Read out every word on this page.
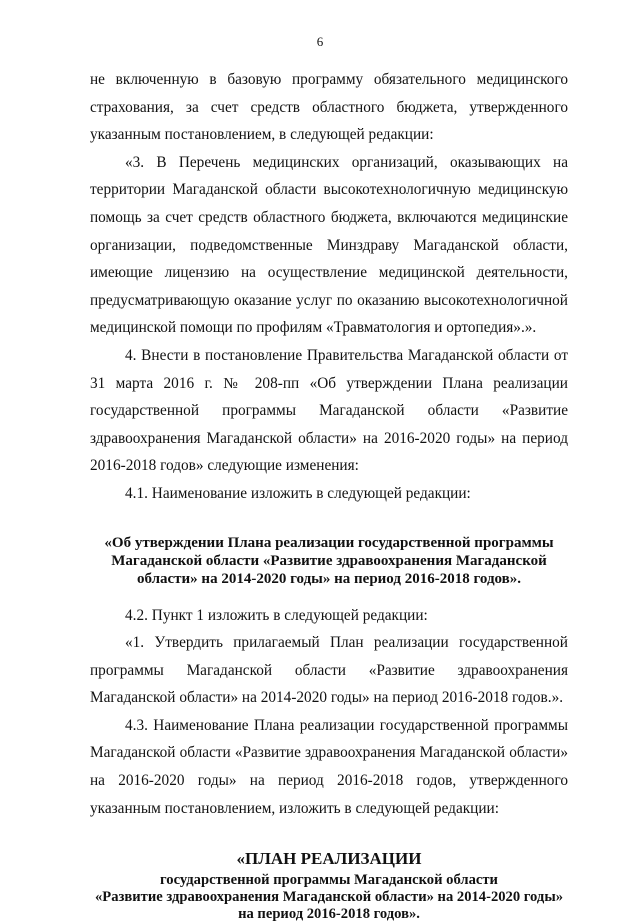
6

не включенную в базовую программу обязательного медицинского страхования, за счет средств областного бюджета, утвержденного указанным постановлением, в следующей редакции:

«3. В Перечень медицинских организаций, оказывающих на территории Магаданской области высокотехнологичную медицинскую помощь за счет средств областного бюджета, включаются медицинские организации, подведомственные Минздраву Магаданской области, имеющие лицензию на осуществление медицинской деятельности, предусматривающую оказание услуг по оказанию высокотехнологичной медицинской помощи по профилям «Травматология и ортопедия».».

4. Внести в постановление Правительства Магаданской области от 31 марта 2016 г. № 208-пп «Об утверждении Плана реализации государственной программы Магаданской области «Развитие здравоохранения Магаданской области» на 2016-2020 годы» на период 2016-2018 годов» следующие изменения:

4.1. Наименование изложить в следующей редакции:

«Об утверждении Плана реализации государственной программы

Магаданской области «Развитие здравоохранения Магаданской

области» на 2014-2020 годы» на период 2016-2018 годов».

4.2. Пункт 1 изложить в следующей редакции:

«1. Утвердить прилагаемый План реализации государственной программы Магаданской области «Развитие здравоохранения Магаданской области» на 2014-2020 годы» на период 2016-2018 годов.».

4.3. Наименование Плана реализации государственной программы Магаданской области «Развитие здравоохранения Магаданской области» на 2016-2020 годы» на период 2016-2018 годов, утвержденного указанным постановлением, изложить в следующей редакции:

«ПЛАН РЕАЛИЗАЦИИ

государственной программы Магаданской области

«Развитие здравоохранения Магаданской области» на 2014-2020 годы»

на период 2016-2018 годов».
